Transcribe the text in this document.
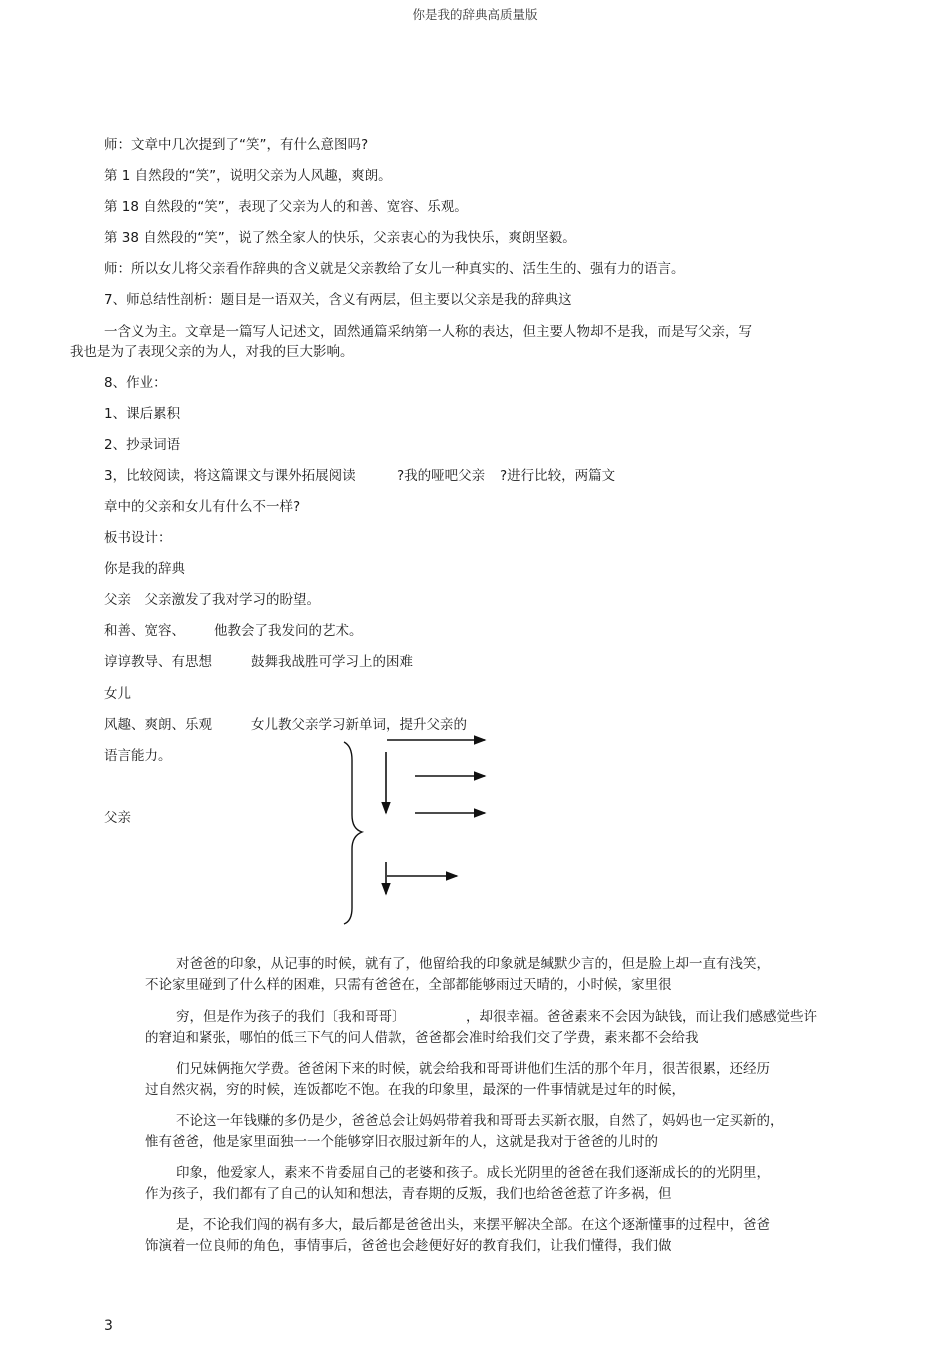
你是我的辞典高质量版
师：文章中几次提到了“笑”，有什么意图吗?
第 1 自然段的“笑”，说明父亲为人风趣，爽朗。
第 18 自然段的“笑”，表现了父亲为人的和善、宽容、乐观。
第 38 自然段的“笑”，说了然全家人的快乐，父亲衷心的为我快乐，爽朗坚毅。
师：所以女儿将父亲看作辞典的含义就是父亲教给了女儿一种真实的、活生生的、强有力的语言。
7、师总结性剖析：题目是一语双关，含义有两层，但主要以父亲是我的辞典这
一含义为主。文章是一篇写人记述文，固然通篇采纳第一人称的表达，但主要人物却不是我，而是写父亲，写
我也是为了表现父亲的为人，对我的巨大影响。
8、作业：
1、课后累积
2、抄录词语
3，比较阅读，将这篇课文与课外拓展阅读	?我的哑吧父亲 ?进行比较，两篇文
章中的父亲和女儿有什么不一样?
板书设计：
你是我的辞典
父亲　父亲激发了我对学习的盼望。
和善、宽容、 他教会了我发问的艺术。
谆谆教导、有思想	鼓舞我战胜可学习上的困难
女儿
风趣、爽朗、乐观	女儿教父亲学习新单词，提升父亲的
语言能力。
父亲
对爸爸的印象，从记事的时候，就有了，他留给我的印象就是缄默少言的，但是脸上却一直有浅笑，
不论家里碰到了什么样的困难，只需有爸爸在，全部都能够雨过天晴的，小时候，家里很
穷，但是作为孩子的我们〔我和哥哥〕	，却很幸福。爸爸素来不会因为缺钱，而让我们感感觉些许
的窘迫和紧张，哪怕的低三下气的问人借款，爸爸都会准时给我们交了学费，素来都不会给我
们兄妹俩拖欠学费。爸爸闲下来的时候，就会给我和哥哥讲他们生活的那个年月，很苦很累，还经历
过自然灾祸，穷的时候，连饭都吃不饱。在我的印象里，最深的一件事情就是过年的时候，
不论这一年钱赚的多仍是少，爸爸总会让妈妈带着我和哥哥去买新衣服，自然了，妈妈也一定买新的，
惟有爸爸，他是家里面独一一个能够穿旧衣服过新年的人，这就是我对于爸爸的儿时的
印象，他爱家人，素来不肯委屈自己的老婆和孩子。成长光阴里的爸爸在我们逐渐成长的的光阴里，
作为孩子，我们都有了自己的认知和想法，青春期的反叛，我们也给爸爸惹了许多祸，但
是，不论我们闯的祸有多大，最后都是爸爸出头，来摆平解决全部。在这个逐渐懂事的过程中，爸爸
饰演着一位良师的角色，事情事后，爸爸也会趁便好好的教育我们，让我们懂得，我们做
3
